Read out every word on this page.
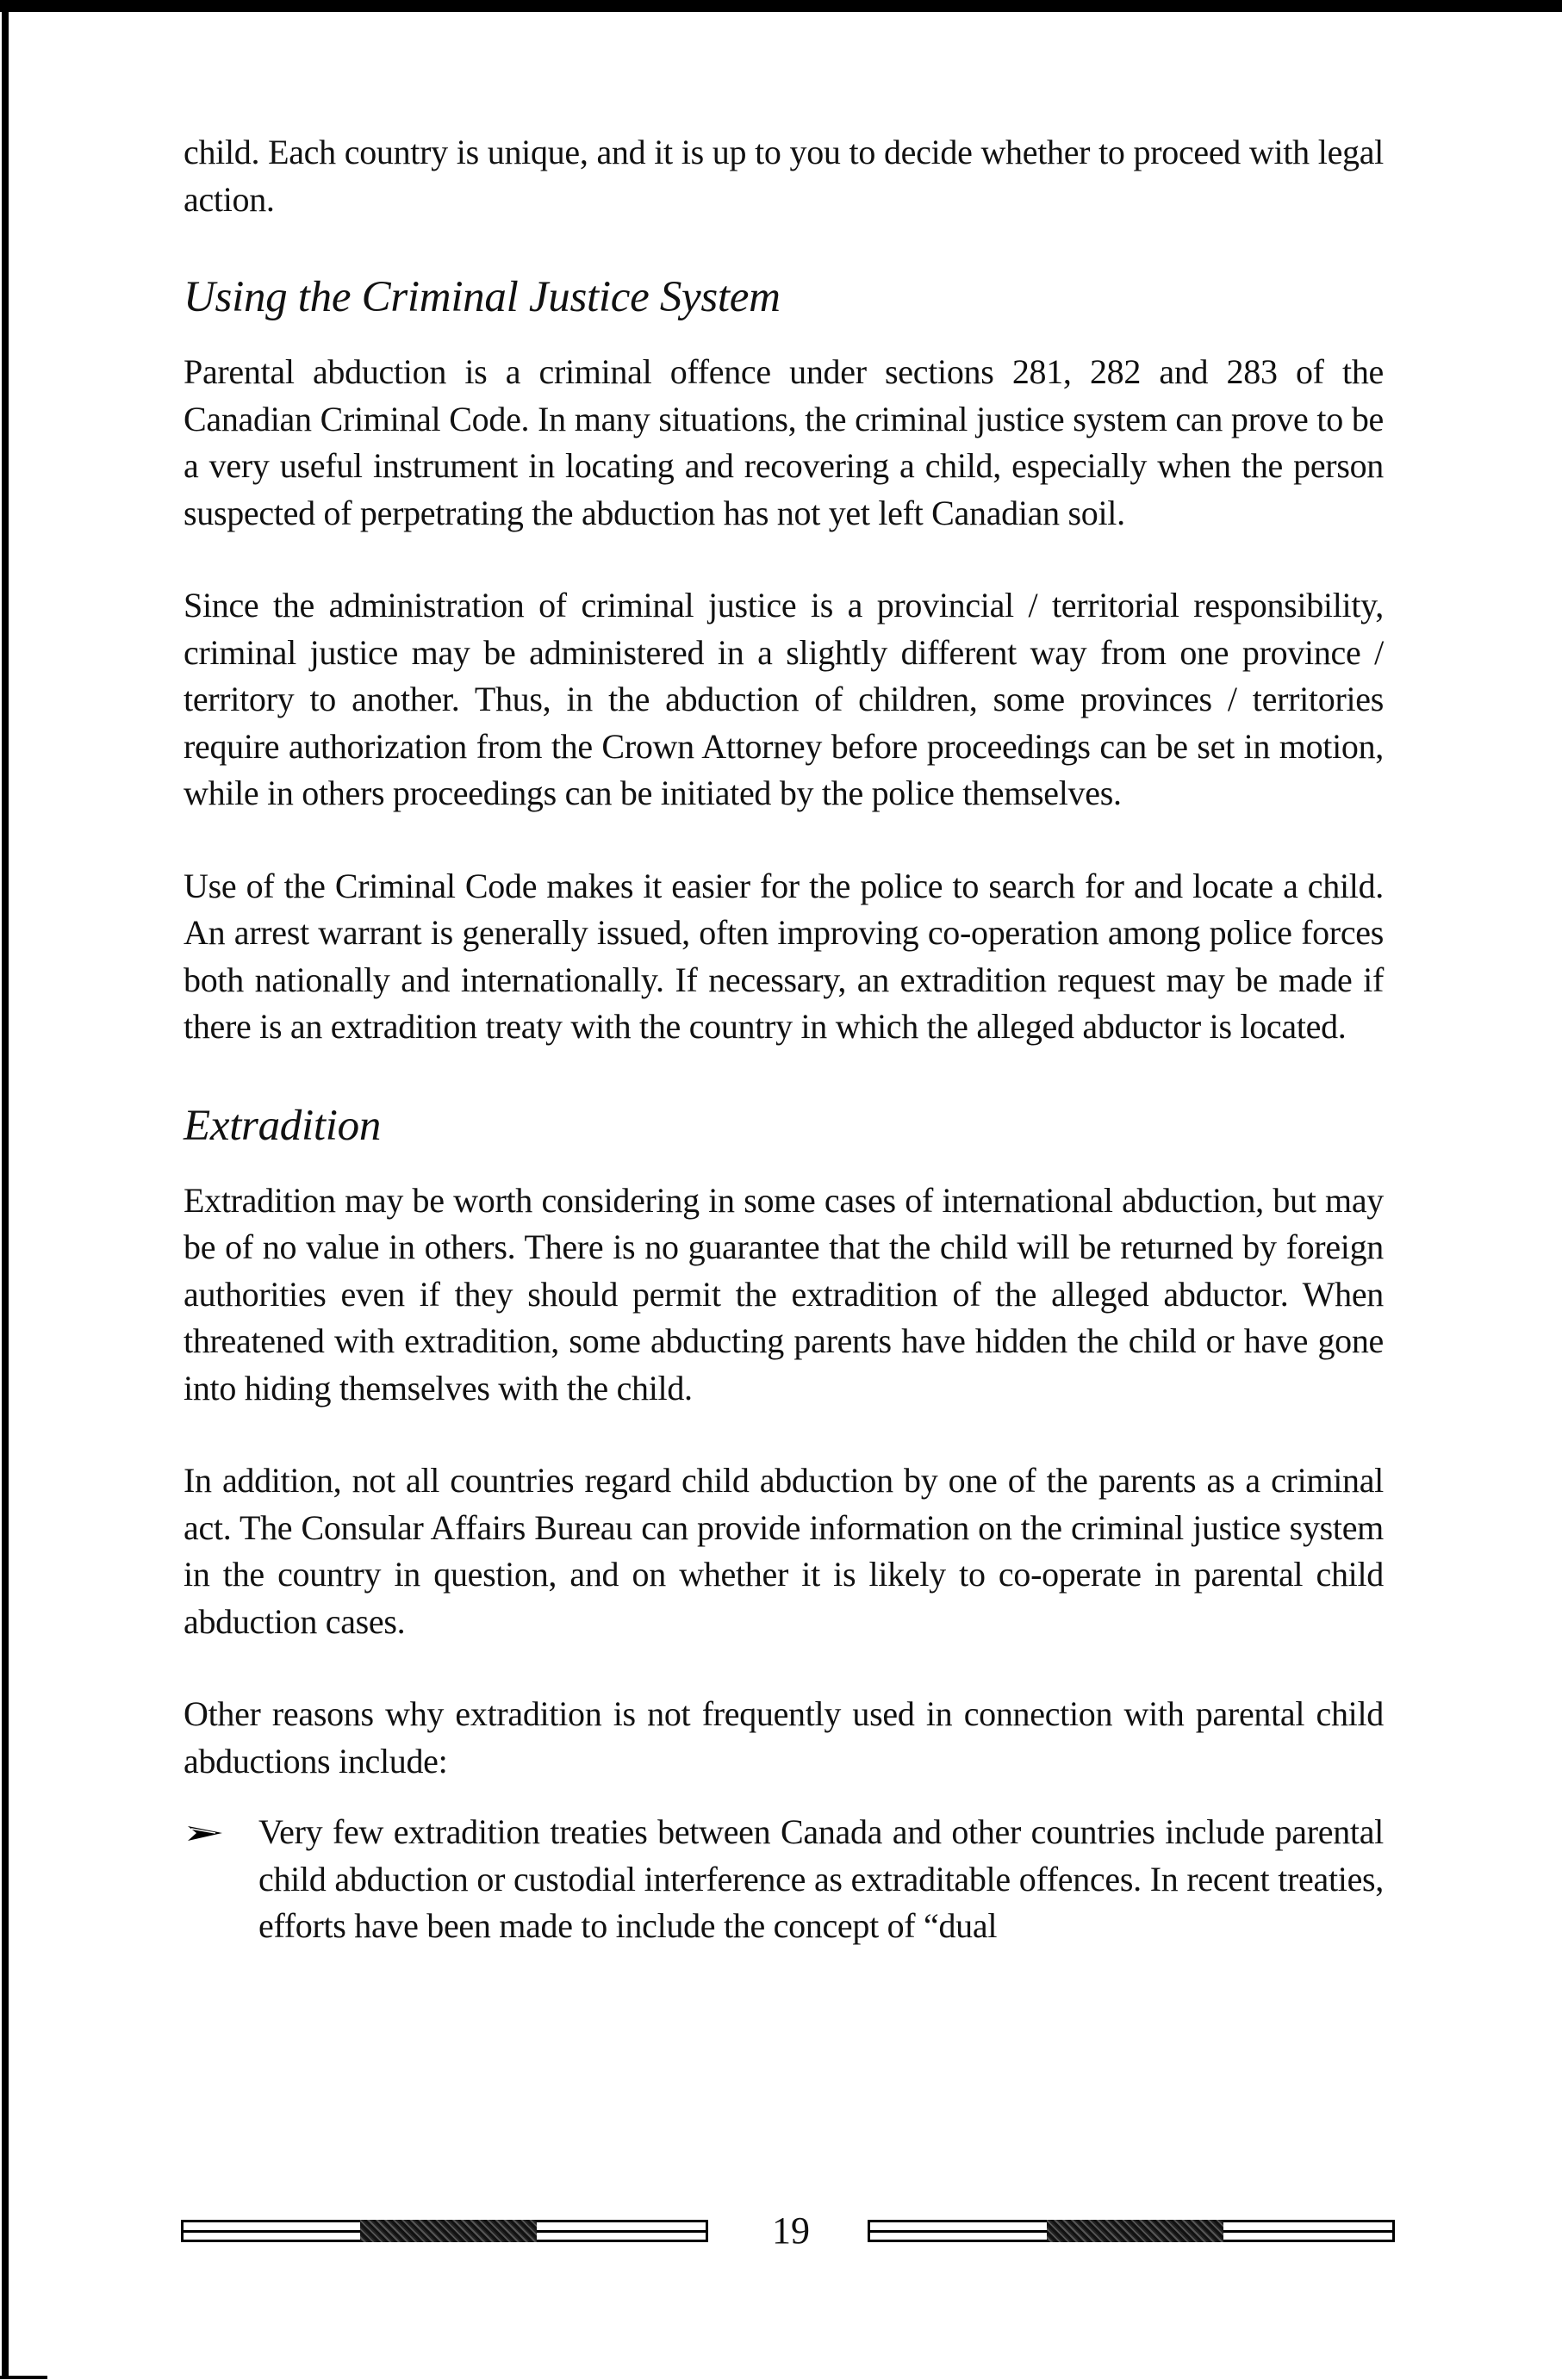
child. Each country is unique, and it is up to you to decide whether to proceed with legal action.

Using the Criminal Justice System

Parental abduction is a criminal offence under sections 281, 282 and 283 of the Canadian Criminal Code. In many situations, the criminal justice system can prove to be a very useful instrument in locating and recovering a child, especially when the person suspected of perpetrating the abduction has not yet left Canadian soil.

Since the administration of criminal justice is a provincial / territorial responsibility, criminal justice may be administered in a slightly different way from one province / territory to another. Thus, in the abduction of children, some provinces / territories require authorization from the Crown Attorney before proceedings can be set in motion, while in others proceedings can be initiated by the police themselves.

Use of the Criminal Code makes it easier for the police to search for and locate a child. An arrest warrant is generally issued, often improving co-operation among police forces both nationally and internationally. If necessary, an extradition request may be made if there is an extradition treaty with the country in which the alleged abductor is located.

Extradition

Extradition may be worth considering in some cases of international abduction, but may be of no value in others. There is no guarantee that the child will be returned by foreign authorities even if they should permit the extradition of the alleged abductor. When threatened with extradition, some abducting parents have hidden the child or have gone into hiding themselves with the child.

In addition, not all countries regard child abduction by one of the parents as a criminal act. The Consular Affairs Bureau can provide information on the criminal justice system in the country in question, and on whether it is likely to co-operate in parental child abduction cases.

Other reasons why extradition is not frequently used in connection with parental child abductions include:

Very few extradition treaties between Canada and other countries include parental child abduction or custodial interference as extraditable offences. In recent treaties, efforts have been made to include the concept of “dual
19
